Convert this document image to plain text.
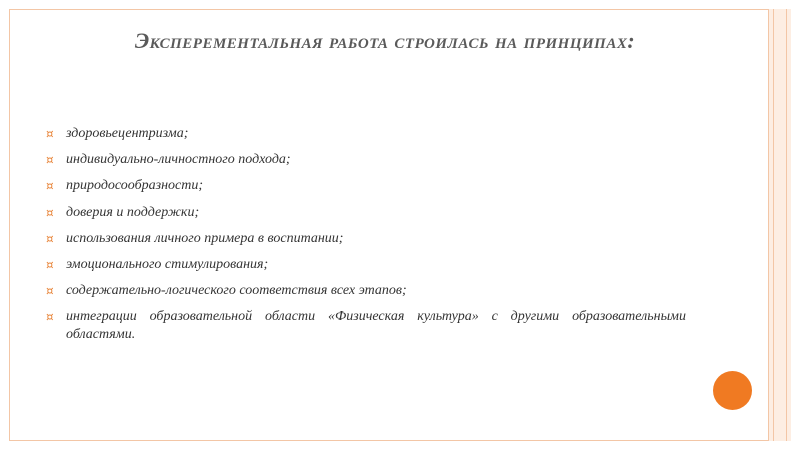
Эксперементальная работа строилась на принципах:
¤ здоровьецентризма;
¤ индивидуально-личностного подхода;
¤ природосообразности;
¤ доверия и поддержки;
¤ использования личного примера в воспитании;
¤ эмоционального стимулирования;
¤ содержательно-логического соответствия всех этапов;
¤ интеграции образовательной области «Физическая культура» с другими образовательными областями.
